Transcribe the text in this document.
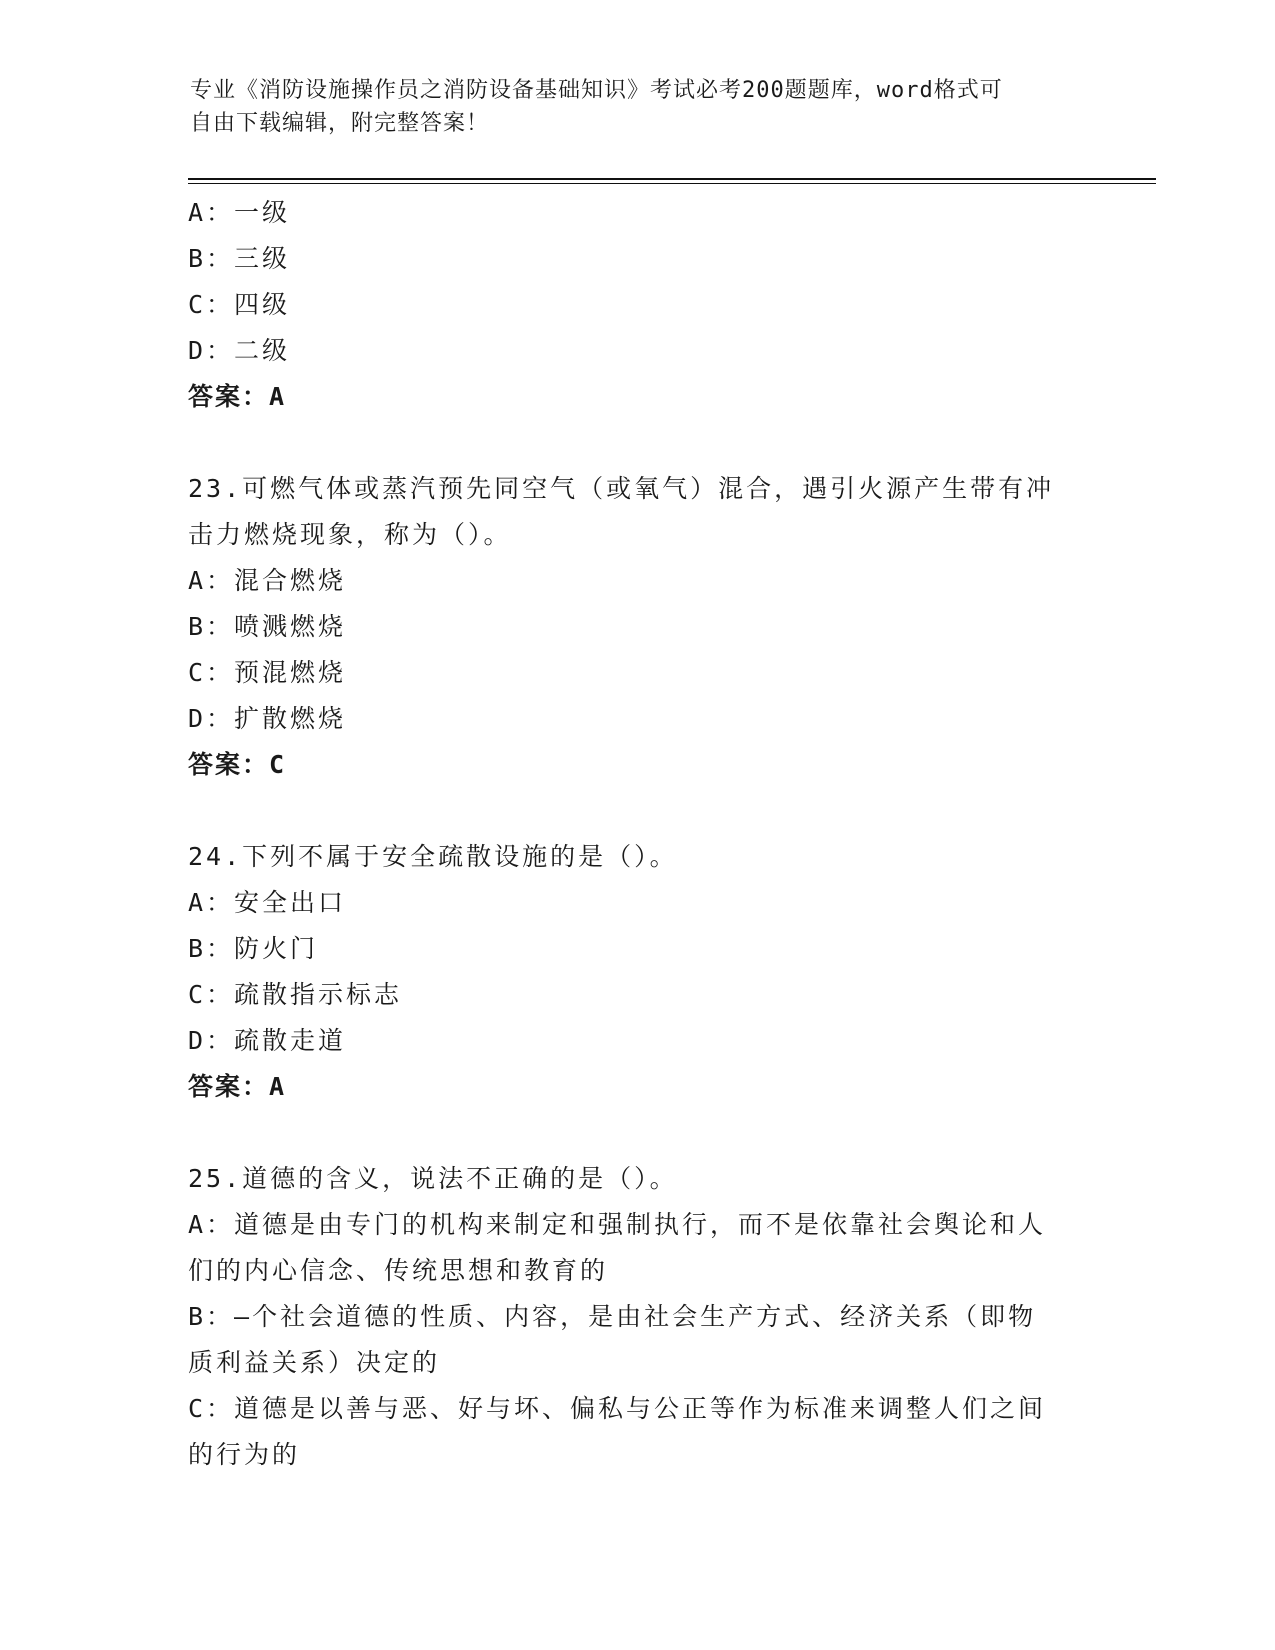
专业《消防设施操作员之消防设备基础知识》考试必考200题题库，word格式可
自由下载编辑，附完整答案！
A：一级
B：三级
C：四级
D：二级
答案：A
23.可燃气体或蒸汽预先同空气（或氧气）混合，遇引火源产生带有冲
击力燃烧现象，称为（）。
A：混合燃烧
B：喷溅燃烧
C：预混燃烧
D：扩散燃烧
答案：C
24.下列不属于安全疏散设施的是（）。
A：安全出口
B：防火门
C：疏散指示标志
D：疏散走道
答案：A
25.道德的含义，说法不正确的是（）。
A：道德是由专门的机构来制定和强制执行，而不是依靠社会舆论和人
们的内心信念、传统思想和教育的
B：—个社会道德的性质、内容，是由社会生产方式、经济关系（即物
质利益关系）决定的
C：道德是以善与恶、好与坏、偏私与公正等作为标准来调整人们之间
的行为的
